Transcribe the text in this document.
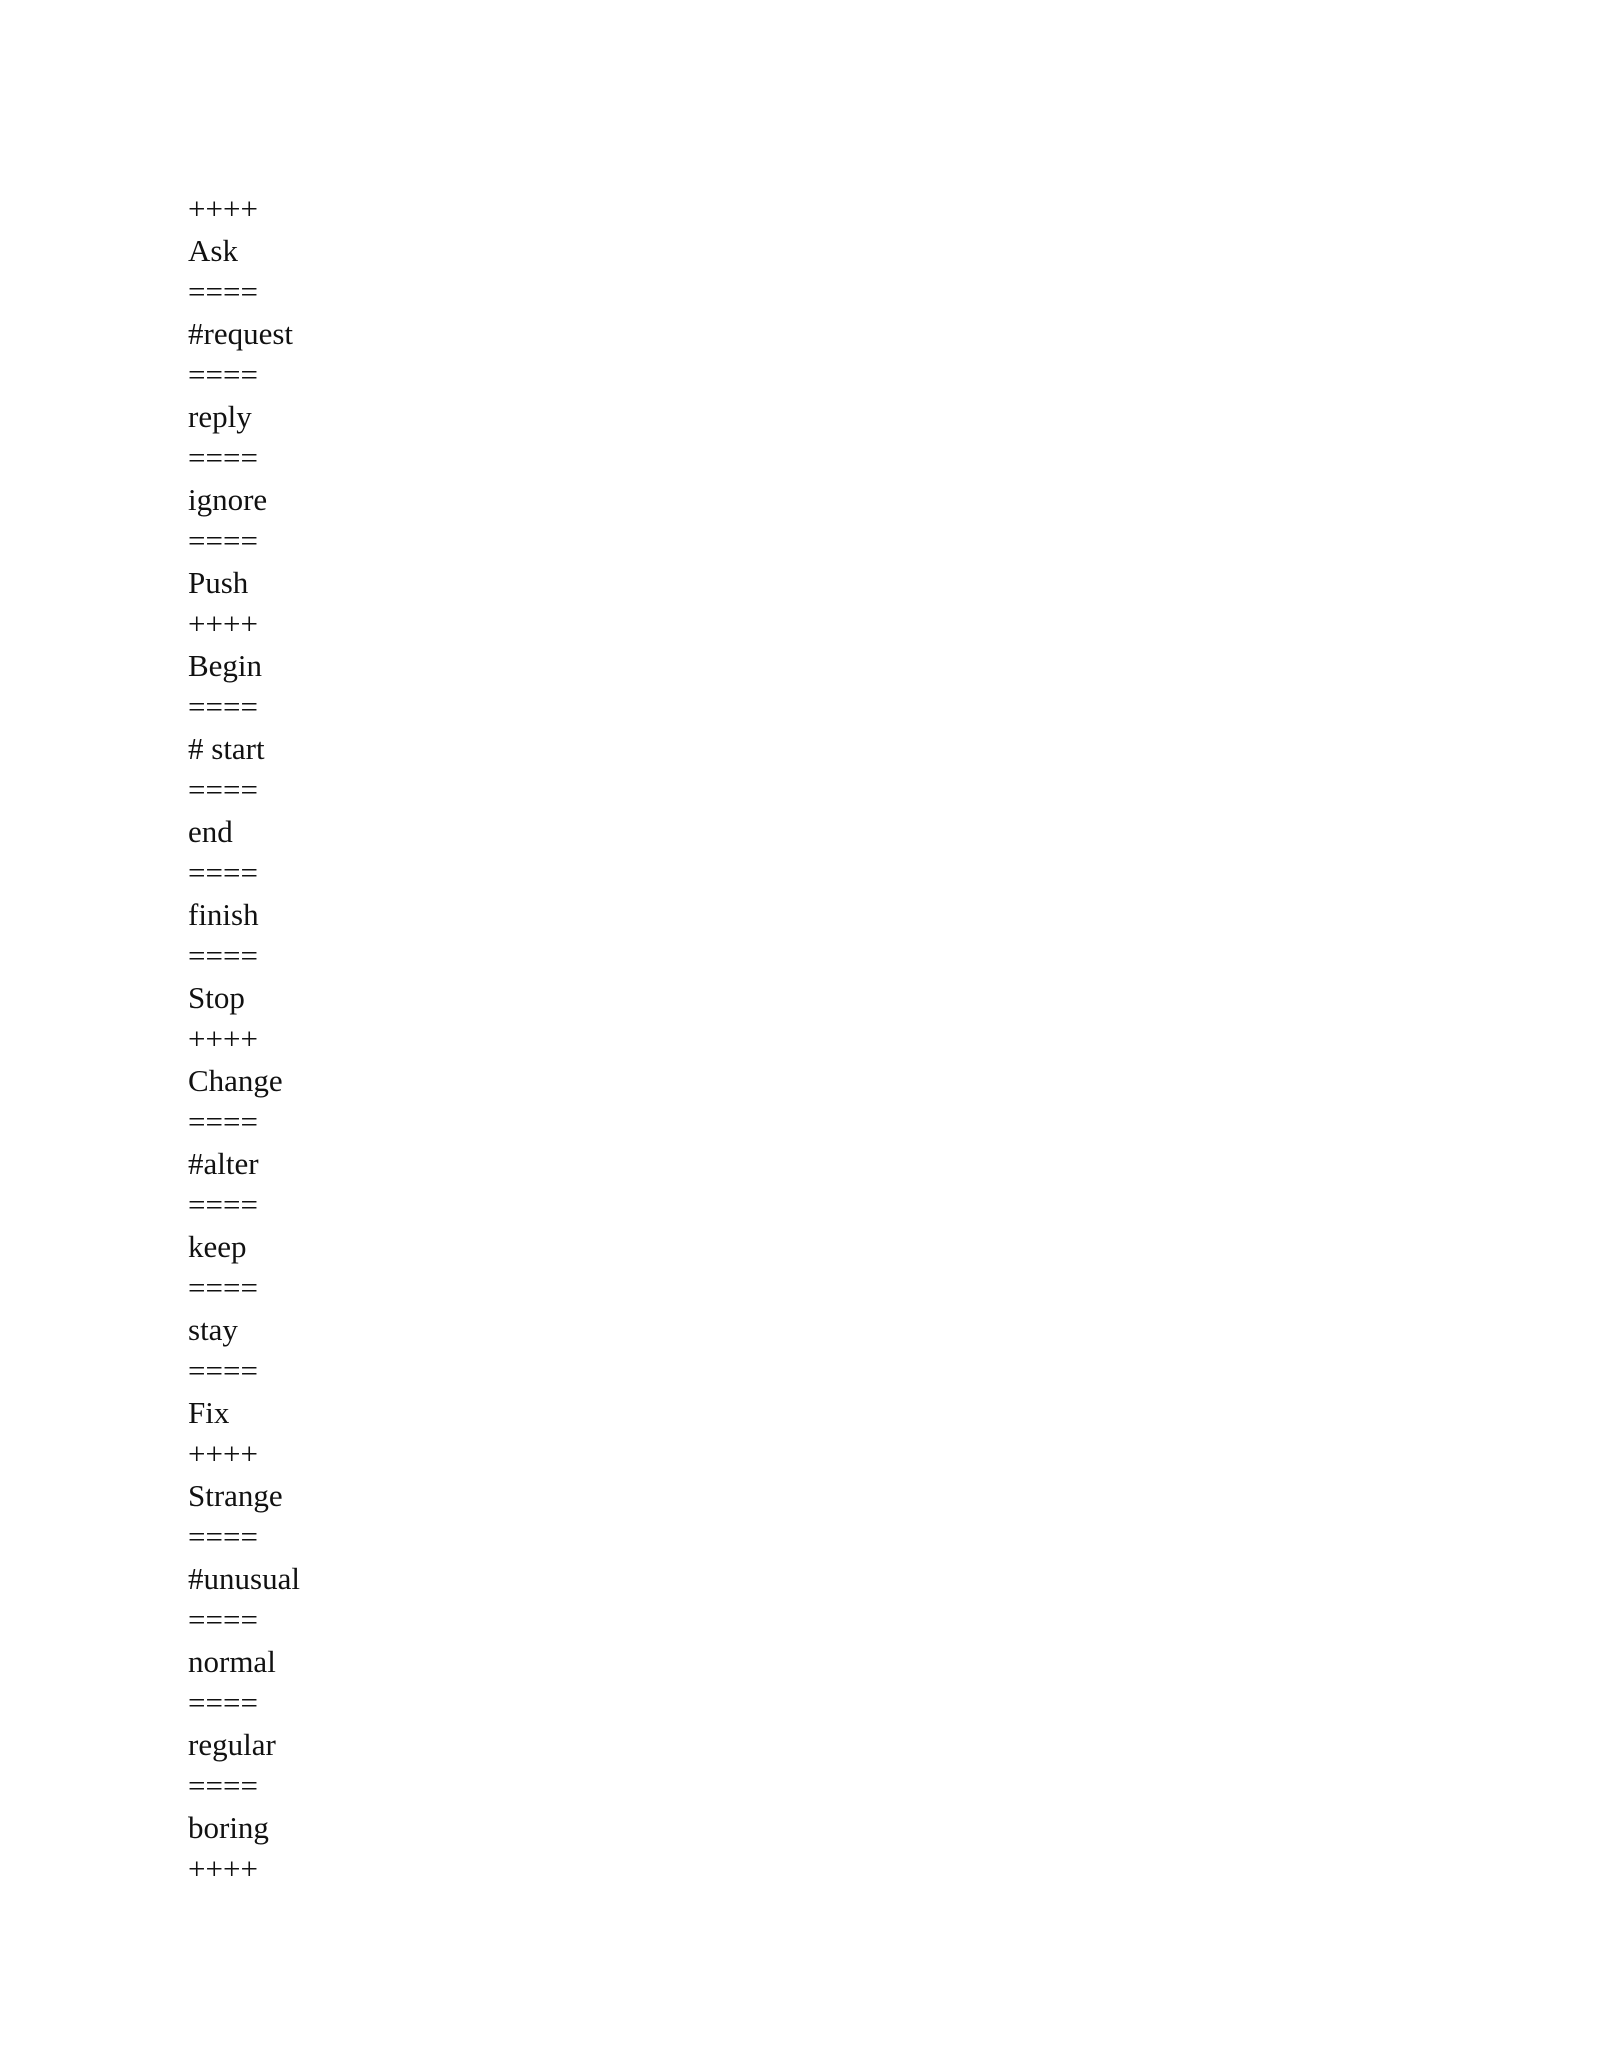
++++
Ask
====
#request
====
reply
====
ignore
====
Push
++++
Begin
====
# start
====
end
====
finish
====
Stop
++++
Change
====
#alter
====
keep
====
stay
====
Fix
++++
Strange
====
#unusual
====
normal
====
regular
====
boring
++++
